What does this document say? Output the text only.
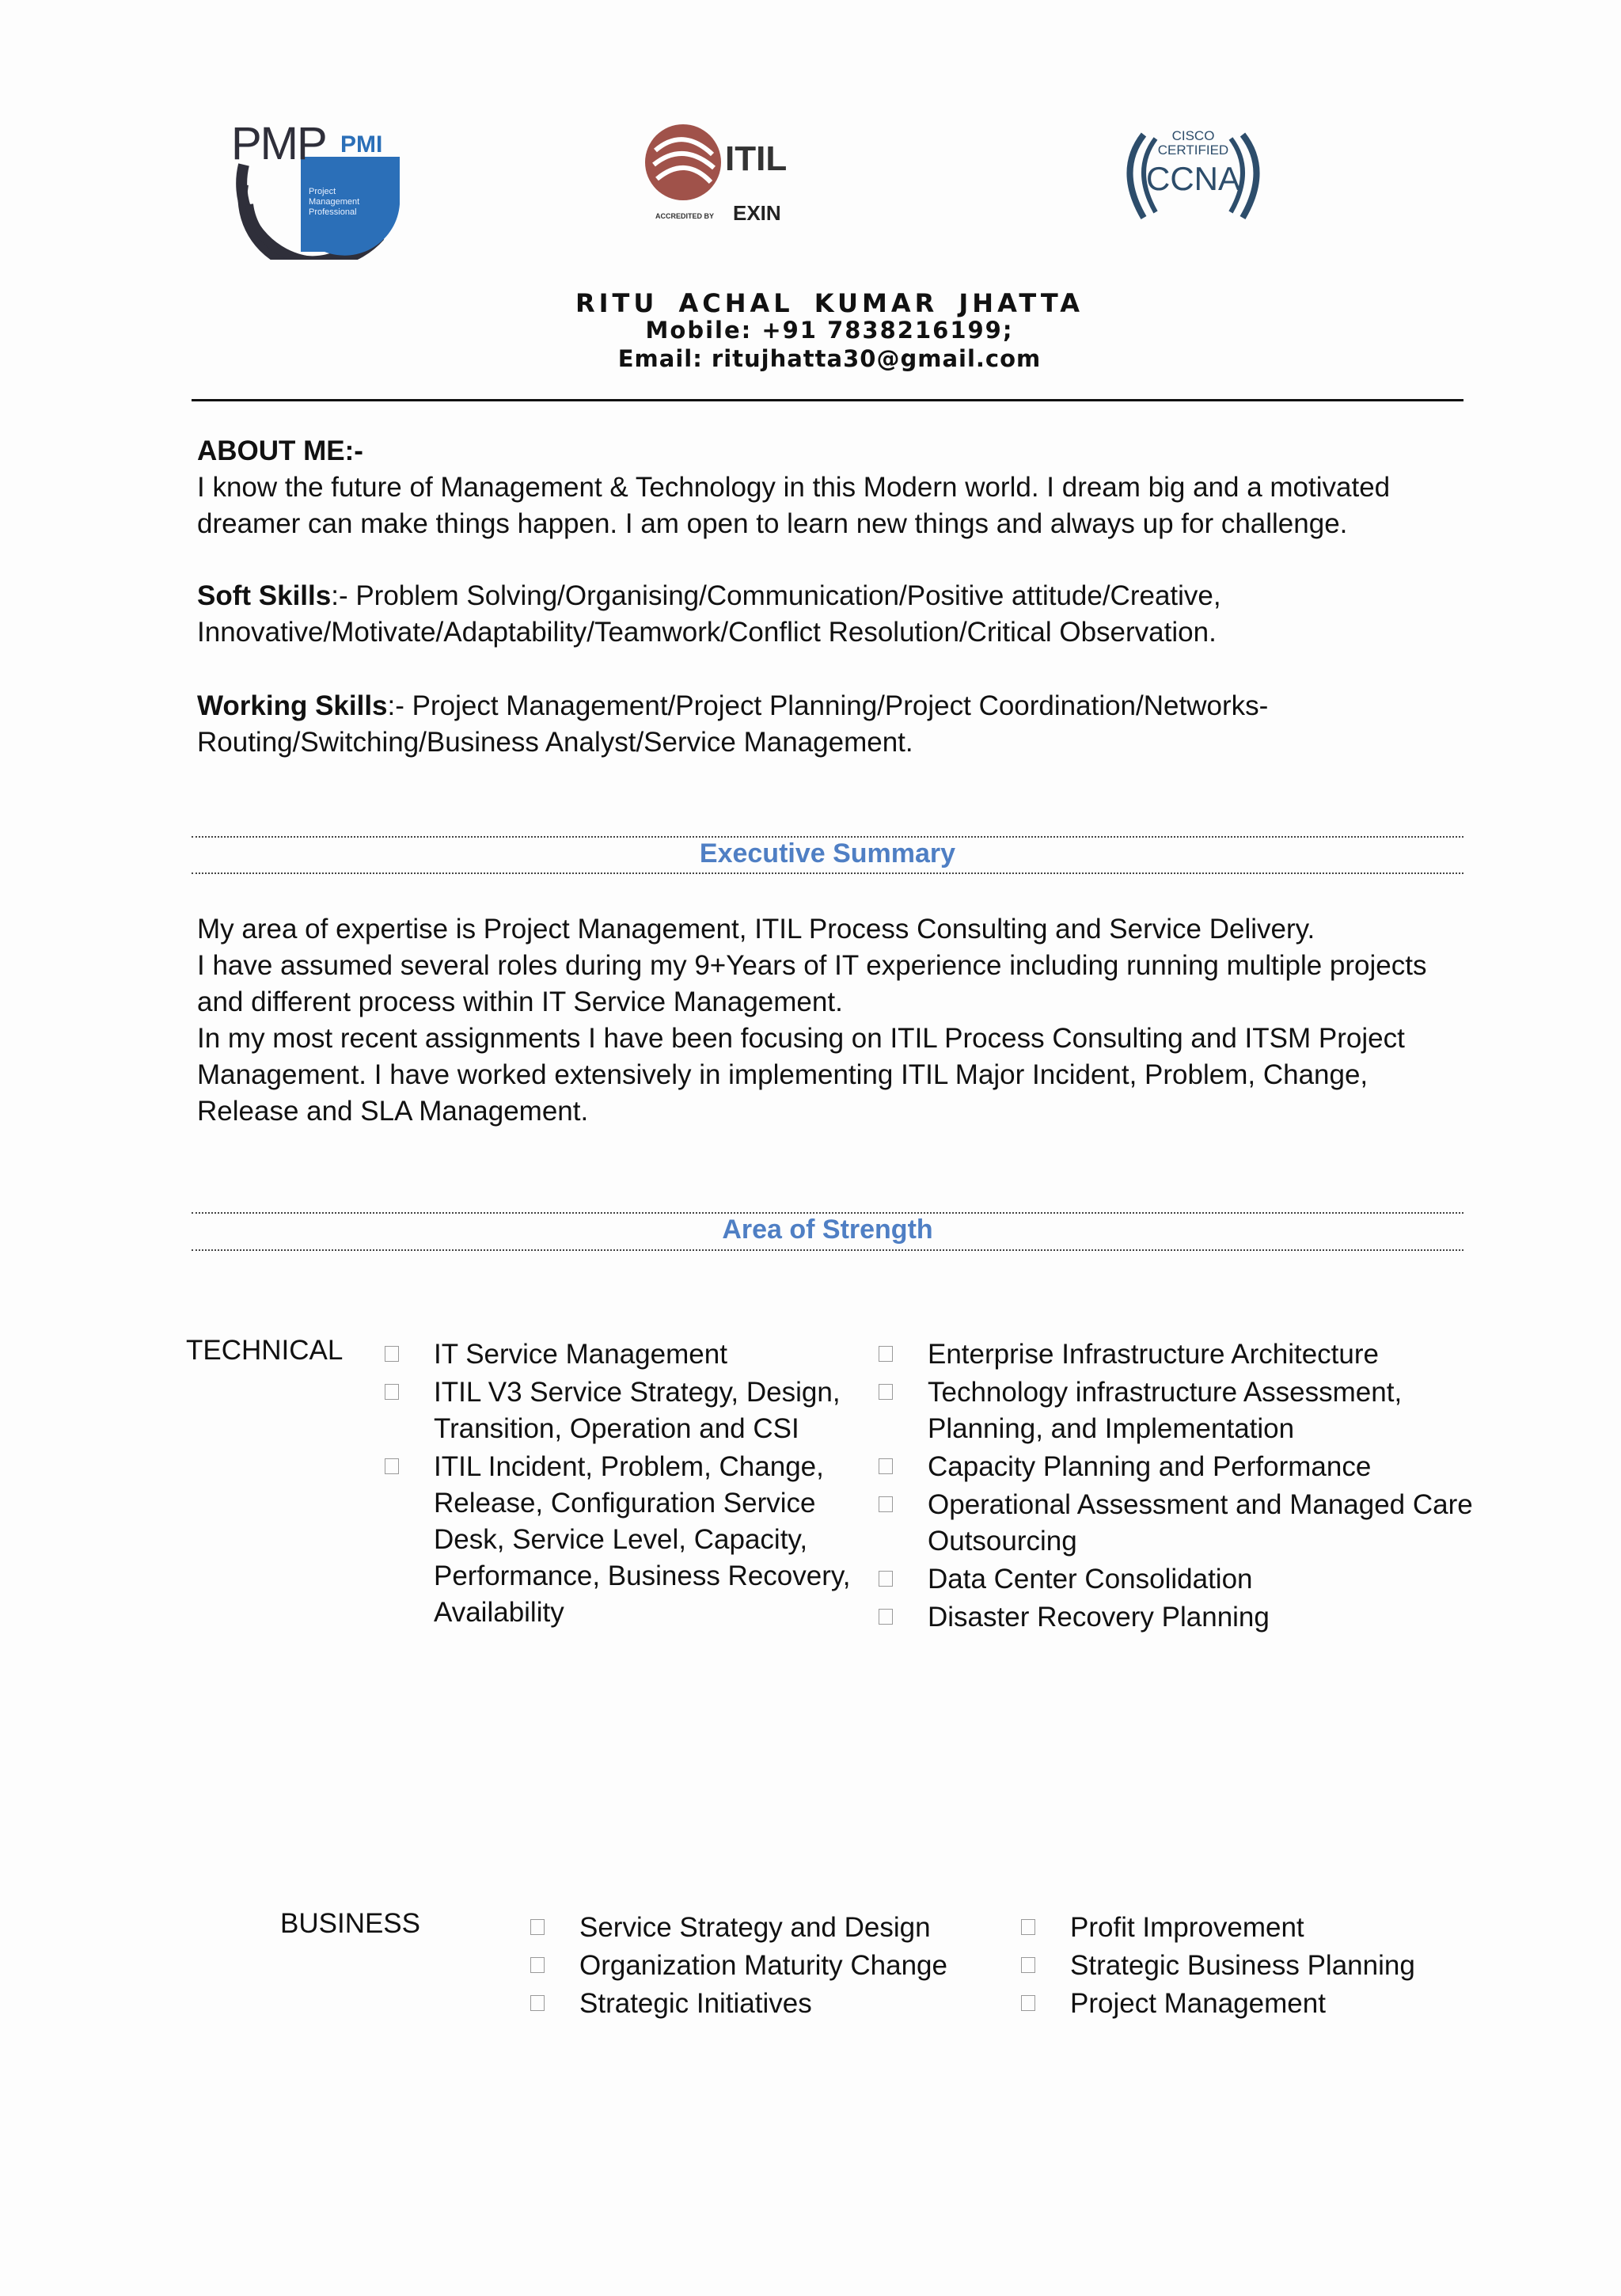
PMP PMI
Project Management Professional
ITIL
ACCREDITED BY EXIN
CISCO
CERTIFIED
CCNA
RITU ACHAL KUMAR JHATTA
Mobile: +91 7838216199;
Email: ritujhatta30@gmail.com
ABOUT ME:-
I know the future of Management & Technology in this Modern world. I dream big and a motivated
dreamer can make things happen. I am open to learn new things and always up for challenge.
Soft Skills:- Problem Solving/Organising/Communication/Positive attitude/Creative,
Innovative/Motivate/Adaptability/Teamwork/Conflict Resolution/Critical Observation.
Working Skills:- Project Management/Project Planning/Project Coordination/Networks-
Routing/Switching/Business Analyst/Service Management.
Executive Summary
My area of expertise is Project Management, ITIL Process Consulting and Service Delivery.
I have assumed several roles during my 9+Years of IT experience including running multiple projects
and different process within IT Service Management.
In my most recent assignments I have been focusing on ITIL Process Consulting and ITSM Project
Management. I have worked extensively in implementing ITIL Major Incident, Problem, Change,
Release and SLA Management.
Area of Strength
TECHNICAL	IT Service Management
ITIL V3 Service Strategy, Design, Transition, Operation and CSI
ITIL Incident, Problem, Change, Release, Configuration Service Desk, Service Level, Capacity, Performance, Business Recovery, Availability
Enterprise Infrastructure Architecture
Technology infrastructure Assessment, Planning, and Implementation
Capacity Planning and Performance
Operational Assessment and Managed Care Outsourcing
Data Center Consolidation
Disaster Recovery Planning
BUSINESS	Service Strategy and Design
Organization Maturity Change
Strategic Initiatives
Profit Improvement
Strategic Business Planning
Project Management
